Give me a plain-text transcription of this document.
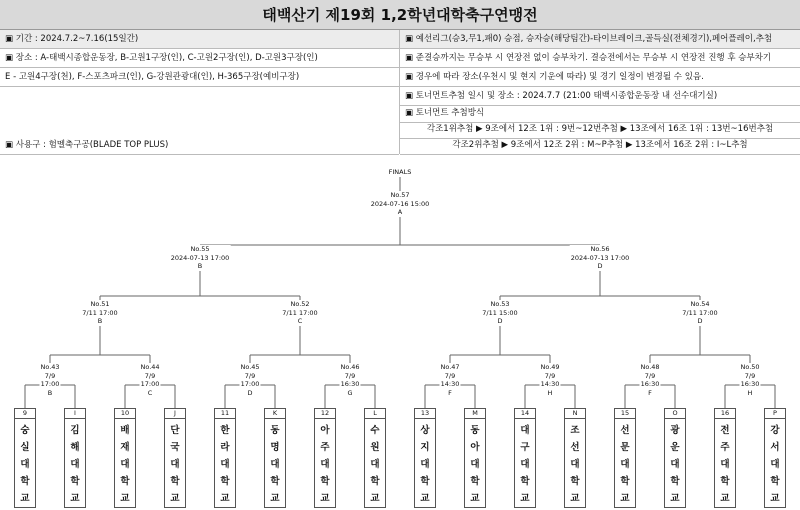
태백산기 제19회 1,2학년대학축구연맹전
▣ 기간 : 2024.7.2~7.16(15일간)
▣ 장소 : A-태백시종합운동장, B-고원1구장(인), C-고원2구장(인), D-고원3구장(인)
E - 고원4구장(천), F-스포츠파크(인), G-강원관광대(인), H-365구장(예비구장)
▣ 사용구 : 험멜축구공(BLADE TOP PLUS)
▣ 예선리그(승3,무1,패0) 승점, 승자승(해당팀간)-타이브레이크,골득실(전체경기),페어플레이,추첨
▣ 준결승까지는 무승부 시 연장전 없이 승부차기. 결승전에서는 무승부 시 연장전 진행 후 승부차기
▣ 경우에 따라 장소(우천시 및 현지 기운에 따라) 및 경기 일정이 변경될 수 있음.
▣ 토너먼트추첨 일시 및 장소 : 2024.7.7 (21:00 태백시종합운동장 내 선수대기실)
▣ 토너먼트 추첨방식
각조1위추첨 ▶ 9조에서 12조 1위 : 9번~12번추첨 ▶ 13조에서 16조 1위 : 13번~16번추첨
각조2위추첨 ▶ 9조에서 12조 2위 : M~P추첨 ▶ 13조에서 16조 2위 : I~L추첨
FINALS
No.57
2024-07-16 15:00
A
No.55
2024-07-13 17:00
B
No.56
2024-07-13 17:00
D
No.51
7/11 17:00
B
No.52
7/11 17:00
C
No.53
7/11 15:00
D
No.54
7/11 17:00
D
No.43
7/9
17:00
B
No.44
7/9
17:00
C
No.45
7/9
17:00
D
No.46
7/9
16:30
G
No.47
7/9
14:30
F
No.49
7/9
14:30
H
No.48
7/9
16:30
F
No.50
7/9
16:30
H
9
숭실대학교
I
김해대학교
10
배재대학교
J
단국대학교
11
한라대학교
K
동명대학교
12
아주대학교
L
수원대학교
13
상지대학교
M
동아대학교
14
대구대학교
N
조선대학교
15
선문대학교
O
광운대학교
16
전주대학교
P
강서대학교
